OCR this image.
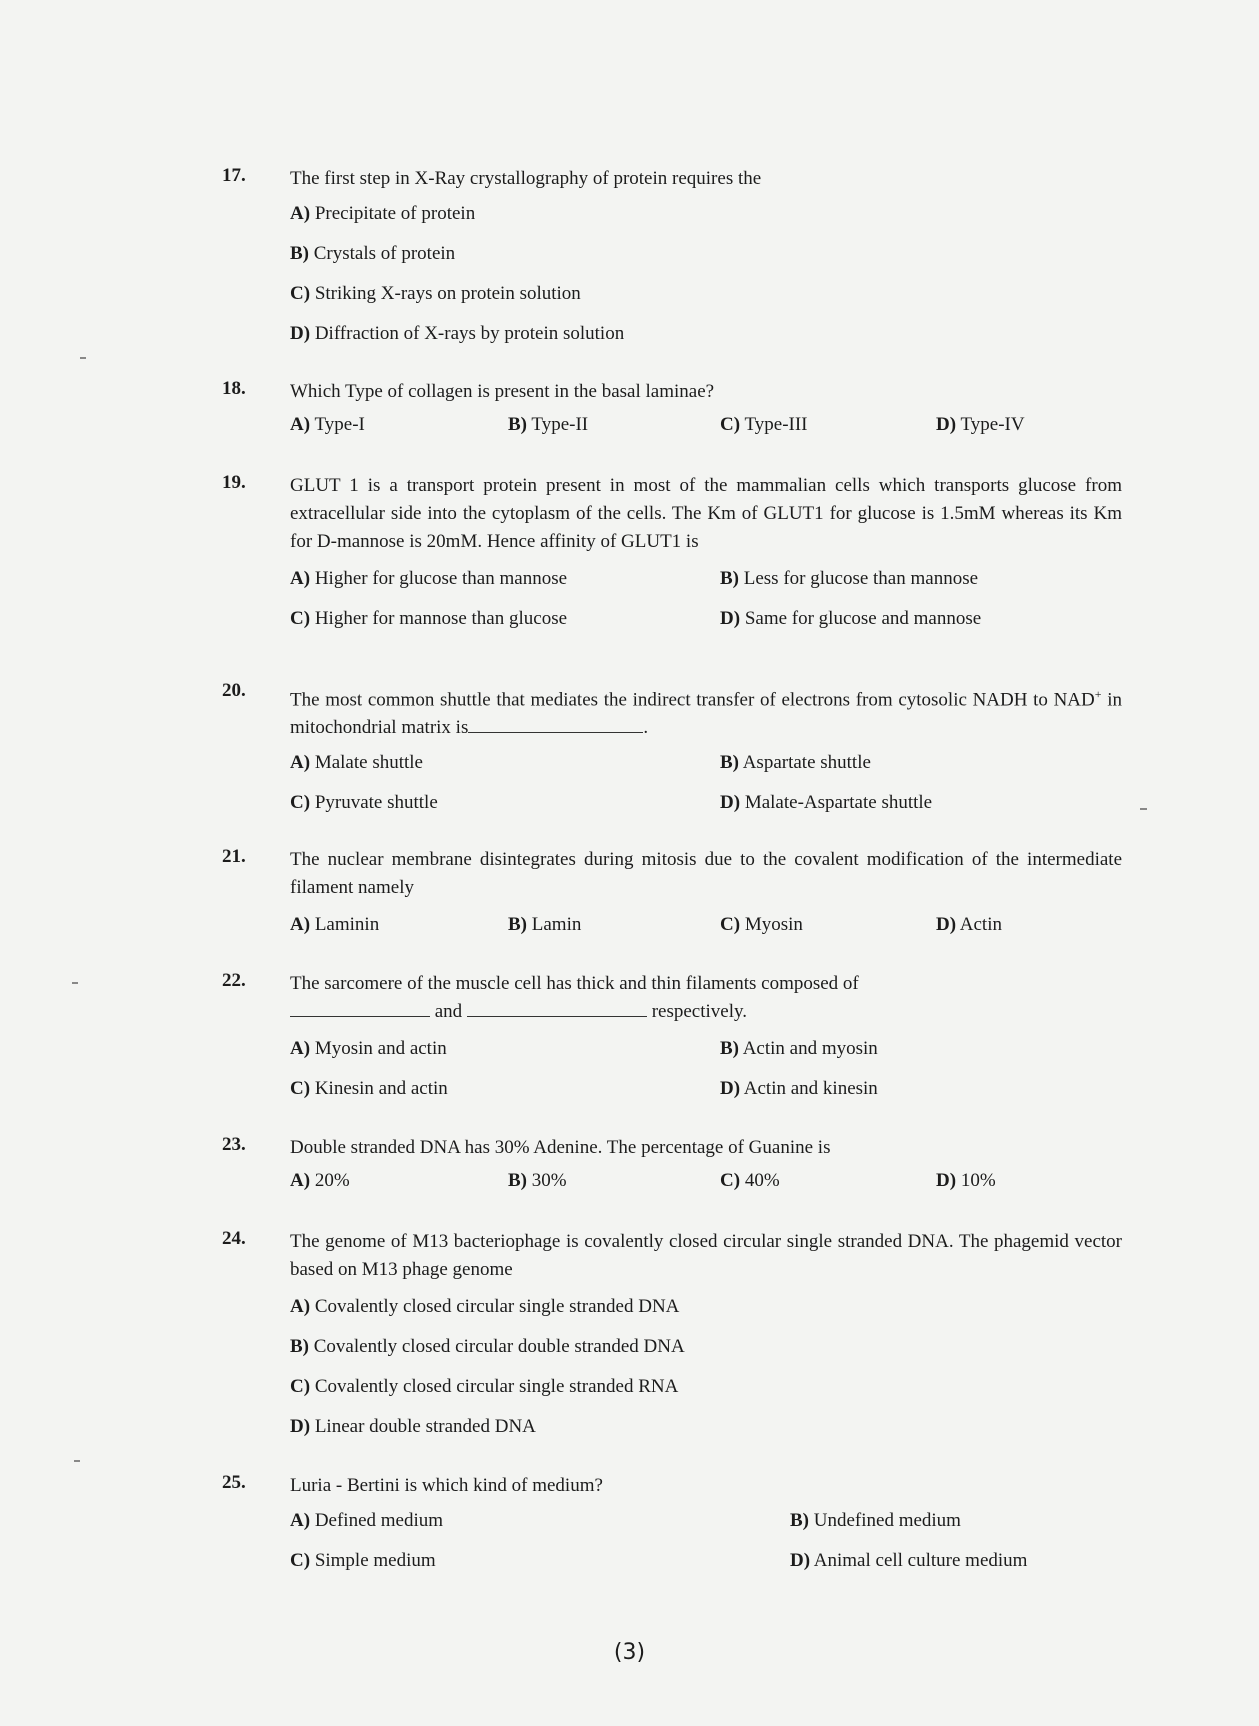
17.	The first step in X-Ray crystallography of protein requires the
A) Precipitate of protein
B) Crystals of protein
C) Striking X-rays on protein solution
D) Diffraction of X-rays by protein solution
18.	Which Type of collagen is present in the basal laminae?
A) Type-I	B) Type-II	C) Type-III	D) Type-IV
19.	GLUT 1 is a transport protein present in most of the mammalian cells which transports glucose from extracellular side into the cytoplasm of the cells. The Km of GLUT1 for glucose is 1.5mM whereas its Km for D-mannose is 20mM. Hence affinity of GLUT1 is
A) Higher for glucose than mannose	B) Less for glucose than mannose
C) Higher for mannose than glucose	D) Same for glucose and mannose
20.	The most common shuttle that mediates the indirect transfer of electrons from cytosolic NADH to NAD+ in mitochondrial matrix is	.
A) Malate shuttle	B) Aspartate shuttle
C) Pyruvate shuttle	D) Malate-Aspartate shuttle
21.	The nuclear membrane disintegrates during mitosis due to the covalent modification of the intermediate filament namely
A) Laminin	B) Lamin	C) Myosin	D) Actin
22.	The sarcomere of the muscle cell has thick and thin filaments composed of
and	respectively.
A) Myosin and actin	B) Actin and myosin
C) Kinesin and actin	D) Actin and kinesin
23.	Double stranded DNA has 30% Adenine. The percentage of Guanine is
A) 20%	B) 30%	C) 40%	D) 10%
24.	The genome of M13 bacteriophage is covalently closed circular single stranded DNA. The phagemid vector based on M13 phage genome
A) Covalently closed circular single stranded DNA
B) Covalently closed circular double stranded DNA
C) Covalently closed circular single stranded RNA
D) Linear double stranded DNA
25.	Luria - Bertini is which kind of medium?
A) Defined medium	B) Undefined medium
C) Simple medium	D) Animal cell culture medium
(3)
